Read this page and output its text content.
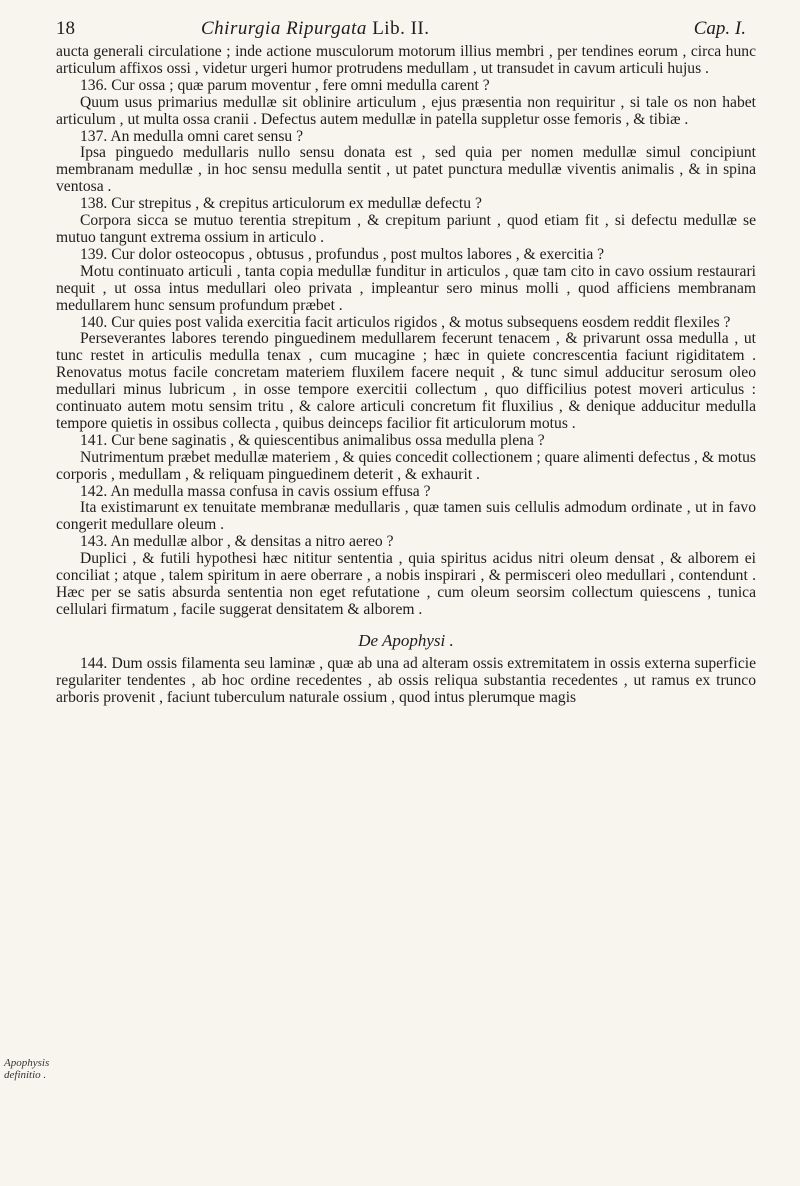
18	Chirurgia Ripurgata Lib. II.	Cap. I.

aucta generali circulatione ; inde actione musculorum motorum illius membri , per tendines eorum , circa hunc articulum affixos ossi , videtur urgeri humor protrudens medullam , ut transudet in cavum articuli hujus .

136. Cur ossa ; quæ parum moventur , fere omni medulla carent ?

Quum usus primarius medullæ sit oblinire articulum , ejus præsentia non requiritur , si tale os non habet articulum , ut multa ossa cranii . Defectus autem medullæ in patella suppletur osse femoris , & tibiæ .

137. An medulla omni caret sensu ?

Ipsa pinguedo medullaris nullo sensu donata est , sed quia per nomen medullæ simul concipiunt membranam medullæ , in hoc sensu medulla sentit , ut patet punctura medullæ viventis animalis , & in spina ventosa .

138. Cur strepitus , & crepitus articulorum ex medullæ defectu ?

Corpora sicca se mutuo terentia strepitum , & crepitum pariunt , quod etiam fit , si defectu medullæ se mutuo tangunt extrema ossium in articulo .

139. Cur dolor osteocopus , obtusus , profundus , post multos labores , & exercitia ?

Motu continuato articuli , tanta copia medullæ funditur in articulos , quæ tam cito in cavo ossium restaurari nequit , ut ossa intus medullari oleo privata , impleantur sero minus molli , quod afficiens membranam medullarem hunc sensum profundum præbet .

140. Cur quies post valida exercitia facit articulos rigidos , & motus subsequens eosdem reddit flexiles ?

Perseverantes labores terendo pinguedinem medullarem fecerunt tenacem , & privarunt ossa medulla , ut tunc restet in articulis medulla tenax , cum mucagine ; hæc in quiete concrescentia faciunt rigiditatem . Renovatus motus facile concretam materiem fluxilem facere nequit , & tunc simul adducitur serosum oleo medullari minus lubricum , in osse tempore exercitii collectum , quo difficilius potest moveri articulus : continuato autem motu sensim tritu , & calore articuli concretum fit fluxilius , & denique adducitur medulla tempore quietis in ossibus collecta , quibus deinceps facilior fit articulorum motus .

141. Cur bene saginatis , & quiescentibus animalibus ossa medulla plena ?

Nutrimentum præbet medullæ materiem , & quies concedit collectionem ; quare alimenti defectus , & motus corporis , medullam , & reliquam pinguedinem deterit , & exhaurit .

142. An medulla massa confusa in cavis ossium effusa ?

Ita existimarunt ex tenuitate membranæ medullaris , quæ tamen suis cellulis admodum ordinate , ut in favo congerit medullare oleum .

143. An medullæ albor , & densitas a nitro aereo ?

Duplici , & futili hypothesi hæc nititur sententia , quia spiritus acidus nitri oleum densat , & alborem ei conciliat ; atque , talem spiritum in aere oberrare , a nobis inspirari , & permisceri oleo medullari , contendunt . Hæc per se satis absurda sententia non eget refutatione , cum oleum seorsim collectum quiescens , tunica cellulari firmatum , facile suggerat densitatem & alborem .

De Apophysi .

144. Dum ossis filamenta seu laminæ , quæ ab una ad alteram ossis extremitatem in ossis externa superficie regulariter tendentes , ab hoc ordine recedentes , ab ossis reliqua substantia recedentes , ut ramus ex trunco arboris provenit , faciunt tuberculum naturale ossium , quod intus plerumque magis

Apophysis definitio .
